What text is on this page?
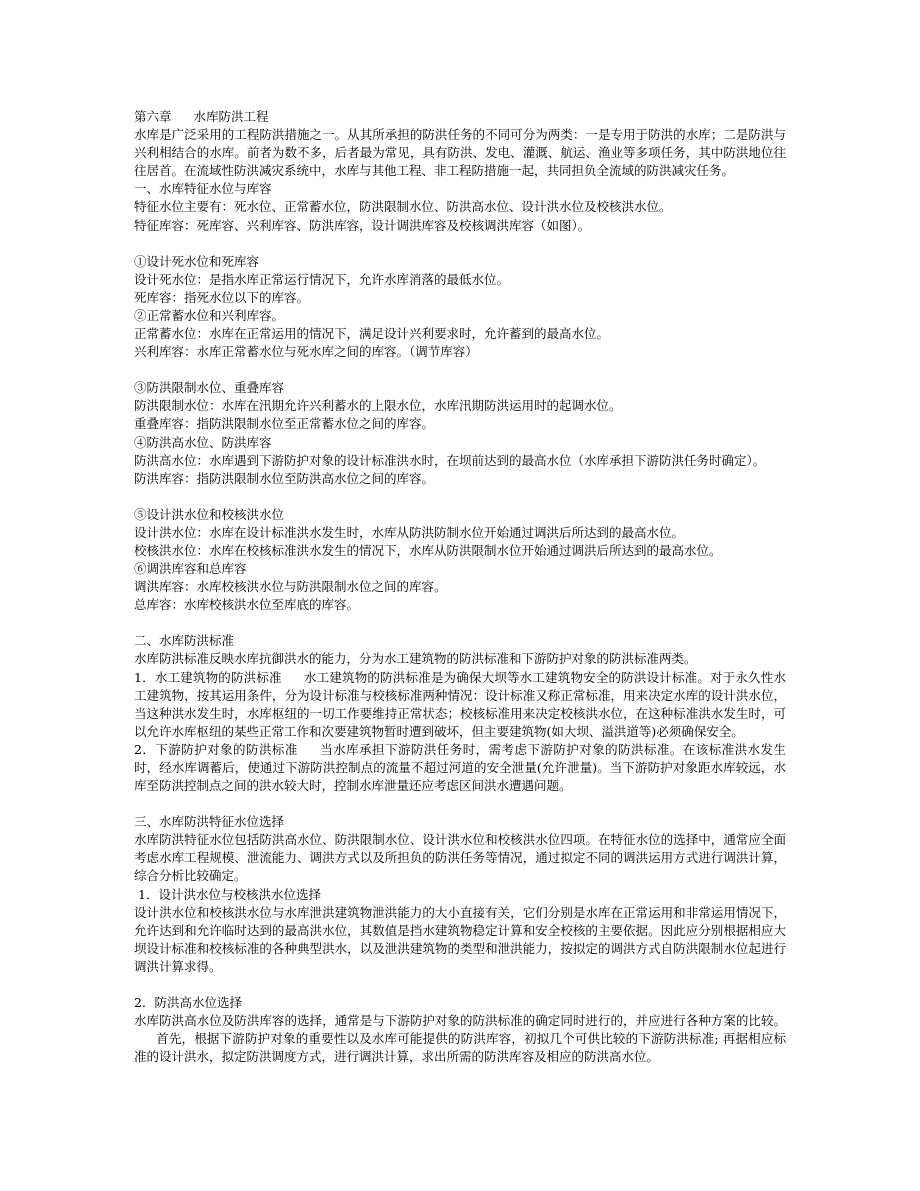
第六章 水库防洪工程

水库是广泛采用的工程防洪措施之一。从其所承担的防洪任务的不同可分为两类：一是专用于防洪的水库；二是防洪与兴利相结合的水库。前者为数不多，后者最为常见，具有防洪、发电、灌溉、航运、渔业等多项任务，其中防洪地位往往居首。在流域性防洪减灾系统中，水库与其他工程、非工程防措施一起，共同担负全流域的防洪减灾任务。

一、水库特征水位与库容

特征水位主要有：死水位、正常蓄水位，防洪限制水位、防洪高水位、设计洪水位及校核洪水位。

特征库容：死库容、兴利库容、防洪库容，设计调洪库容及校核调洪库容（如图）。

①设计死水位和死库容

设计死水位：是指水库正常运行情况下，允许水库消落的最低水位。

死库容：指死水位以下的库容。

②正常蓄水位和兴利库容。

正常蓄水位：水库在正常运用的情况下，满足设计兴利要求时，允许蓄到的最高水位。

兴利库容：水库正常蓄水位与死水库之间的库容。（调节库容）

③防洪限制水位、重叠库容

防洪限制水位：水库在汛期允许兴利蓄水的上限水位，水库汛期防洪运用时的起调水位。

重叠库容：指防洪限制水位至正常蓄水位之间的库容。

④防洪高水位、防洪库容

防洪高水位：水库遇到下游防护对象的设计标准洪水时，在坝前达到的最高水位（水库承担下游防洪任务时确定）。

防洪库容：指防洪限制水位至防洪高水位之间的库容。

⑤设计洪水位和校核洪水位

设计洪水位：水库在设计标准洪水发生时，水库从防洪防制水位开始通过调洪后所达到的最高水位。

校核洪水位：水库在校核标准洪水发生的情况下，水库从防洪限制水位开始通过调洪后所达到的最高水位。

⑥调洪库容和总库容

调洪库容：水库校核洪水位与防洪限制水位之间的库容。

总库容：水库校核洪水位至库底的库容。

二、水库防洪标准

水库防洪标准反映水库抗御洪水的能力，分为水工建筑物的防洪标准和下游防护对象的防洪标准两类。

1．水工建筑物的防洪标准 水工建筑物的防洪标准是为确保大坝等水工建筑物安全的防洪设计标准。对于永久性水工建筑物，按其运用条件，分为设计标准与校核标准两种情况：设计标准又称正常标准，用来决定水库的设计洪水位，当这种洪水发生时，水库枢纽的一切工作要维持正常状态；校核标准用来决定校核洪水位，在这种标准洪水发生时，可以允许水库枢纽的某些正常工作和次要建筑物暂时遭到破坏，但主要建筑物(如大坝、溢洪道等)必须确保安全。

2．下游防护对象的防洪标准 当水库承担下游防洪任务时，需考虑下游防护对象的防洪标准。在该标准洪水发生时，经水库调蓄后，使通过下游防洪控制点的流量不超过河道的安全泄量(允许泄量)。当下游防护对象距水库较远，水库至防洪控制点之间的洪水较大时，控制水库泄量还应考虑区间洪水遭遇问题。

三、水库防洪特征水位选择

水库防洪特征水位包括防洪高水位、防洪限制水位、设计洪水位和校核洪水位四项。在特征水位的选择中，通常应全面考虑水库工程规模、泄流能力、调洪方式以及所担负的防洪任务等情况，通过拟定不同的调洪运用方式进行调洪计算，综合分析比较确定。

1．设计洪水位与校核洪水位选择

设计洪水位和校核洪水位与水库泄洪建筑物泄洪能力的大小直接有关，它们分别是水库在正常运用和非常运用情况下，允许达到和允许临时达到的最高洪水位，其数值是挡水建筑物稳定计算和安全校核的主要依据。因此应分别根据相应大坝设计标准和校核标准的各种典型洪水，以及泄洪建筑物的类型和泄洪能力，按拟定的调洪方式自防洪限制水位起进行调洪计算求得。

2．防洪高水位选择

水库防洪高水位及防洪库容的选择，通常是与下游防护对象的防洪标准的确定同时进行的，并应进行各种方案的比较。首先，根据下游防护对象的重要性以及水库可能提供的防洪库容，初拟几个可供比较的下游防洪标准; 再据相应标准的设计洪水，拟定防洪调度方式，进行调洪计算，求出所需的防洪库容及相应的防洪高水位。
